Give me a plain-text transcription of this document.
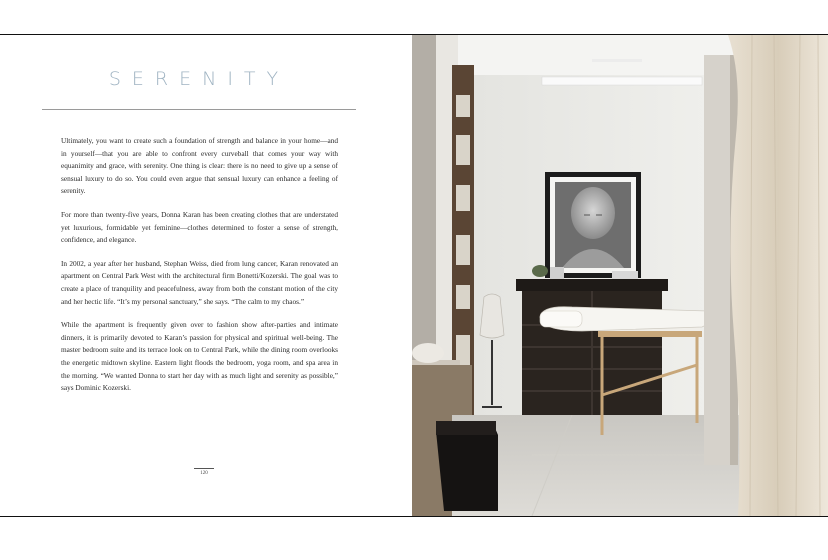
SERENITY

Ultimately, you want to create such a foundation of strength and balance in your home—and in yourself—that you are able to confront every curveball that comes your way with equanimity and grace, with serenity. One thing is clear: there is no need to give up a sense of sensual luxury to do so. You could even argue that sensual luxury can enhance a feeling of serenity.

For more than twenty-five years, Donna Karan has been creating clothes that are understated yet luxurious, formidable yet feminine—clothes determined to foster a sense of strength, confidence, and elegance.

In 2002, a year after her husband, Stephan Weiss, died from lung cancer, Karan renovated an apartment on Central Park West with the architectural firm Bonetti/Kozerski. The goal was to create a place of tranquility and peacefulness, away from both the constant motion of the city and her hectic life. “It’s my personal sanctuary,” she says. “The calm to my chaos.”

While the apartment is frequently given over to fashion show after-parties and intimate dinners, it is primarily devoted to Karan’s passion for physical and spiritual well-being. The master bedroom suite and its terrace look on to Central Park, while the dining room overlooks the energetic midtown skyline. Eastern light floods the bedroom, yoga room, and spa area in the morning. “We wanted Donna to start her day with as much light and serenity as possible,” says Dominic Kozerski.

120
